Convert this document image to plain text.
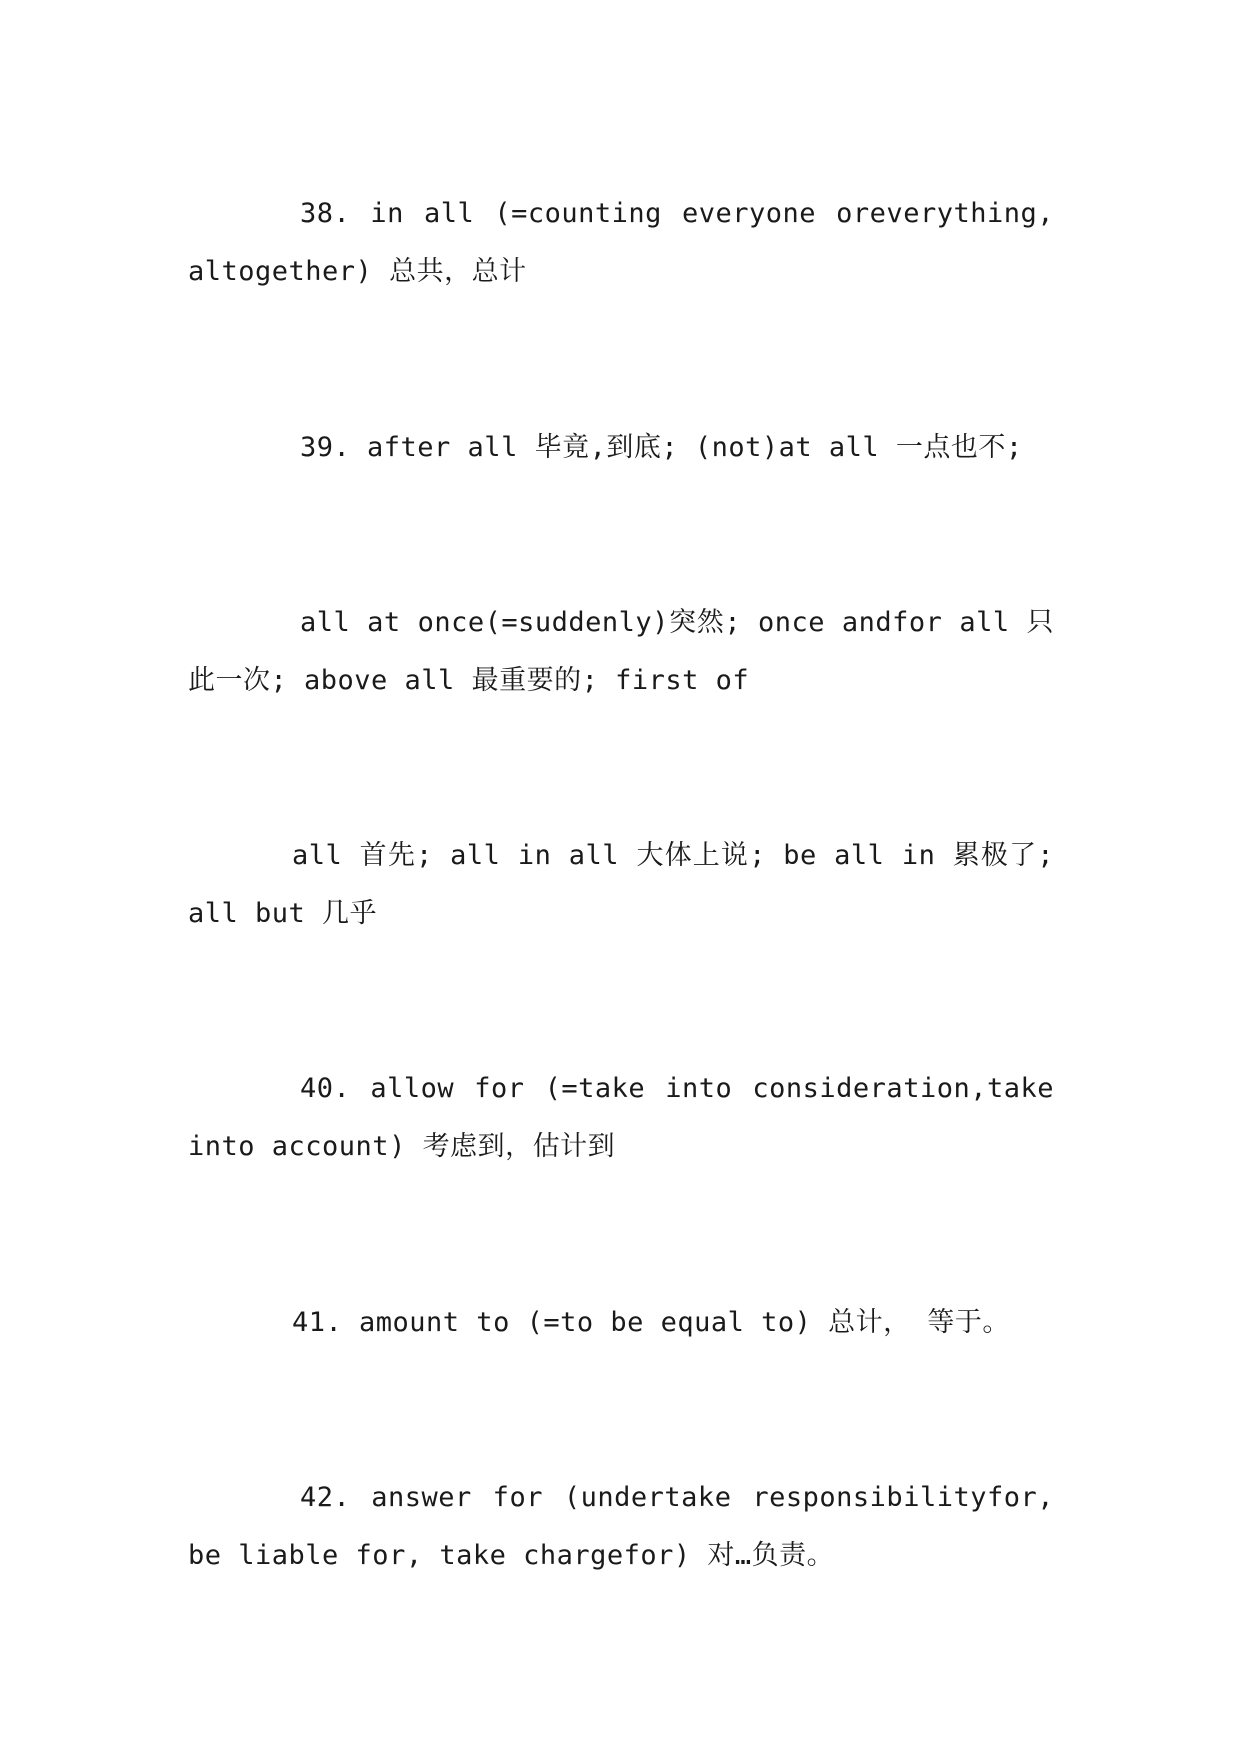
38. in all (=counting everyone oreverything, altogether) 总共，总计

39. after all 毕竟,到底; (not)at all 一点也不;

all at once(=suddenly)突然; once andfor all 只此一次; above all 最重要的; first of

all 首先; all in all 大体上说; be all in 累极了; all but 几乎

40. allow for (=take into consideration,take into account) 考虑到，估计到

41. amount to (=to be equal to) 总计， 等于。

42. answer for (undertake responsibilityfor, be liable for, take chargefor) 对…负责。
